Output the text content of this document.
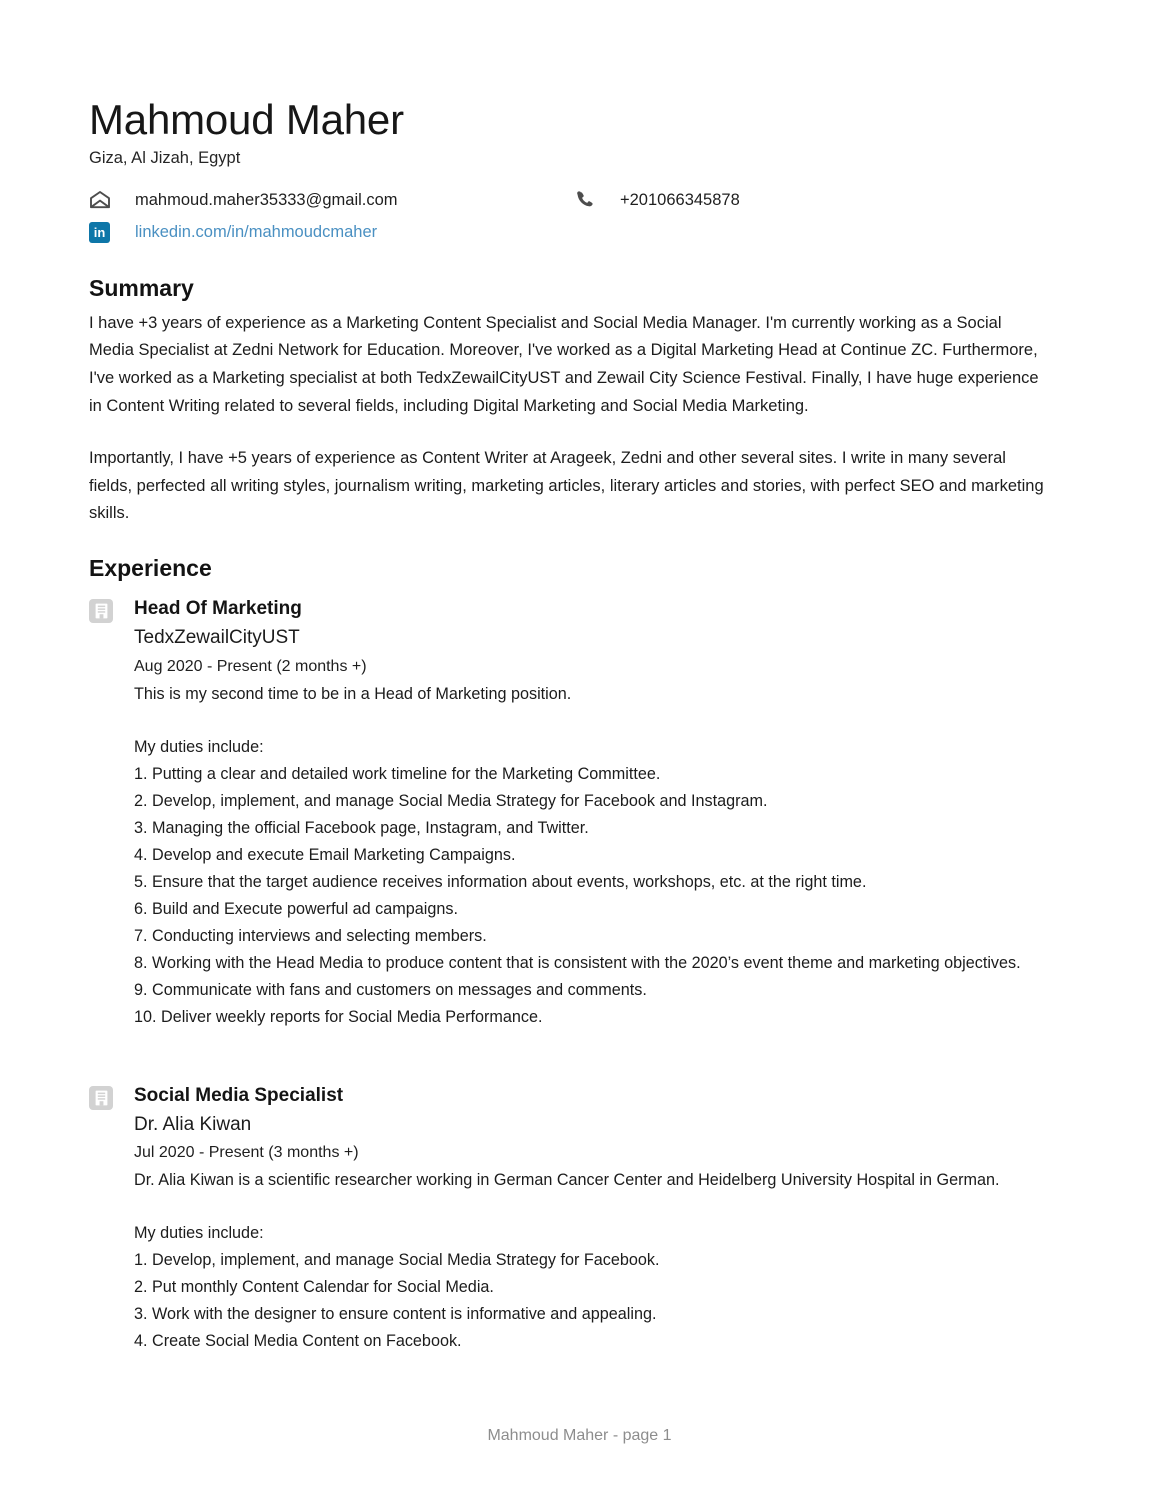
Mahmoud Maher
Giza, Al Jizah, Egypt
mahmoud.maher35333@gmail.com	+201066345878
in linkedin.com/in/mahmoudcmaher
Summary

I have +3 years of experience as a Marketing Content Specialist and Social Media Manager. I'm currently working as a Social Media Specialist at Zedni Network for Education. Moreover, I've worked as a Digital Marketing Head at Continue ZC. Furthermore, I've worked as a Marketing specialist at both TedxZewailCityUST and Zewail City Science Festival. Finally, I have huge experience in Content Writing related to several fields, including Digital Marketing and Social Media Marketing.

Importantly, I have +5 years of experience as Content Writer at Arageek, Zedni and other several sites. I write in many several fields, perfected all writing styles, journalism writing, marketing articles, literary articles and stories, with perfect SEO and marketing skills.

Experience
Head Of Marketing
TedxZewailCityUST
Aug 2020 - Present (2 months +)
This is my second time to be in a Head of Marketing position.
My duties include:
1. Putting a clear and detailed work timeline for the Marketing Committee.
2. Develop, implement, and manage Social Media Strategy for Facebook and Instagram.
3. Managing the official Facebook page, Instagram, and Twitter.
4. Develop and execute Email Marketing Campaigns.
5. Ensure that the target audience receives information about events, workshops, etc. at the right time.
6. Build and Execute powerful ad campaigns.
7. Conducting interviews and selecting members.
8. Working with the Head Media to produce content that is consistent with the 2020’s event theme and marketing objectives.
9. Communicate with fans and customers on messages and comments.
10. Deliver weekly reports for Social Media Performance.
Social Media Specialist
Dr. Alia Kiwan
Jul 2020 - Present (3 months +)
Dr. Alia Kiwan is a scientific researcher working in German Cancer Center and Heidelberg University Hospital in German.
My duties include:
1. Develop, implement, and manage Social Media Strategy for Facebook.
2. Put monthly Content Calendar for Social Media.
3. Work with the designer to ensure content is informative and appealing.
4. Create Social Media Content on Facebook.
Mahmoud Maher - page 1
